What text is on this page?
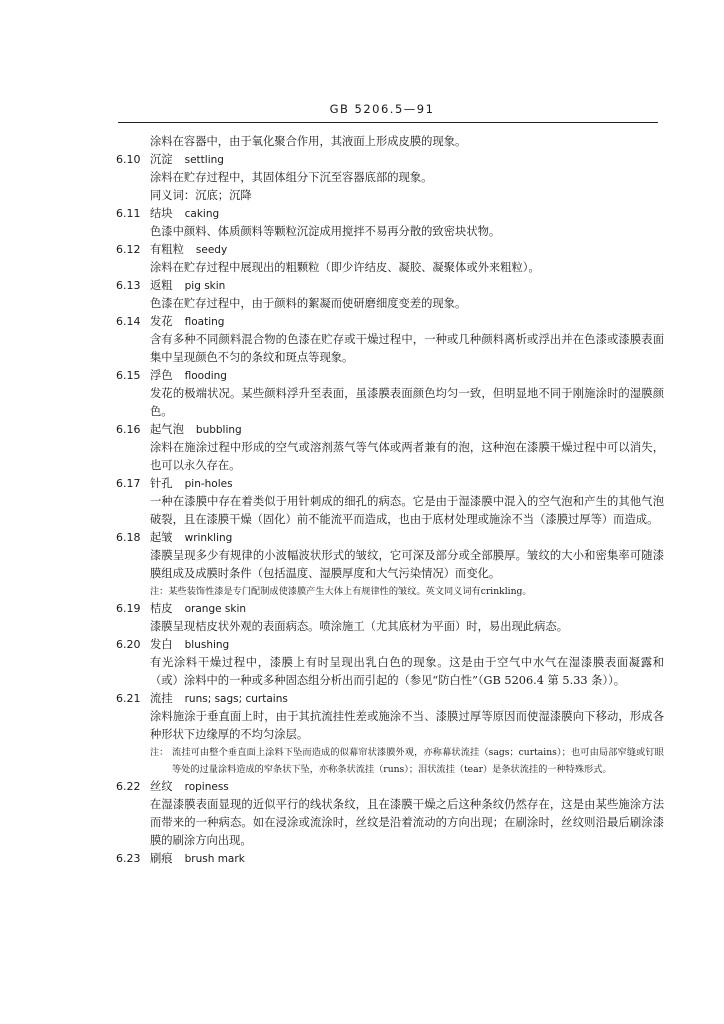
GB 5206.5—91

涂料在容器中，由于氧化聚合作用，其液面上形成皮膜的现象。

6.10 沉淀 settling

涂料在贮存过程中，其固体组分下沉至容器底部的现象。

同义词：沉底；沉降

6.11 结块 caking

色漆中颜料、体质颜料等颗粒沉淀成用搅拌不易再分散的致密块状物。

6.12 有粗粒 seedy

涂料在贮存过程中展现出的粗颗粒（即少许结皮、凝胶、凝聚体或外来粗粒）。

6.13 返粗 pig skin

色漆在贮存过程中，由于颜料的絮凝而使研磨细度变差的现象。

6.14 发花 floating

含有多种不同颜料混合物的色漆在贮存或干燥过程中，一种或几种颜料离析或浮出并在色漆或漆膜表面集中呈现颜色不匀的条纹和斑点等现象。

6.15 浮色 flooding

发花的极端状况。某些颜料浮升至表面，虽漆膜表面颜色均匀一致，但明显地不同于刚施涂时的湿膜颜色。

6.16 起气泡 bubbling

涂料在施涂过程中形成的空气或溶剂蒸气等气体或两者兼有的泡，这种泡在漆膜干燥过程中可以消失，也可以永久存在。

6.17 针孔 pin-holes

一种在漆膜中存在着类似于用针刺成的细孔的病态。它是由于湿漆膜中混入的空气泡和产生的其他气泡破裂，且在漆膜干燥（固化）前不能流平而造成，也由于底材处理或施涂不当（漆膜过厚等）而造成。

6.18 起皱 wrinkling

漆膜呈现多少有规律的小波幅波状形式的皱纹，它可深及部分或全部膜厚。皱纹的大小和密集率可随漆膜组成及成膜时条件（包括温度、湿膜厚度和大气污染情况）而变化。

注：某些装饰性漆是专门配制成使漆膜产生大体上有规律性的皱纹。英文同义词有crinkling。

6.19 桔皮 orange skin

漆膜呈现桔皮状外观的表面病态。喷涂施工（尤其底材为平面）时，易出现此病态。

6.20 发白 blushing

有光涂料干燥过程中，漆膜上有时呈现出乳白色的现象。这是由于空气中水气在湿漆膜表面凝露和（或）涂料中的一种或多种固态组分析出而引起的（参见“防白性”（GB 5206.4 第 5.33 条））。

6.21 流挂 runs; sags; curtains

涂料施涂于垂直面上时，由于其抗流挂性差或施涂不当、漆膜过厚等原因而使湿漆膜向下移动，形成各种形状下边缘厚的不均匀涂层。

注： 流挂可由整个垂直面上涂料下坠而造成的似幕帘状漆膜外观，亦称幕状流挂（sags；curtains）；也可由局部窄缝或钉眼等处的过量涂料造成的窄条状下坠，亦称条状流挂（runs）；泪状流挂（tear）是条状流挂的一种特殊形式。
6.22 丝纹 ropiness

在湿漆膜表面显现的近似平行的线状条纹，且在漆膜干燥之后这种条纹仍然存在，这是由某些施涂方法而带来的一种病态。如在浸涂或流涂时，丝纹是沿着流动的方向出现；在刷涂时，丝纹则沿最后刷涂漆膜的刷涂方向出现。

6.23 刷痕 brush mark
